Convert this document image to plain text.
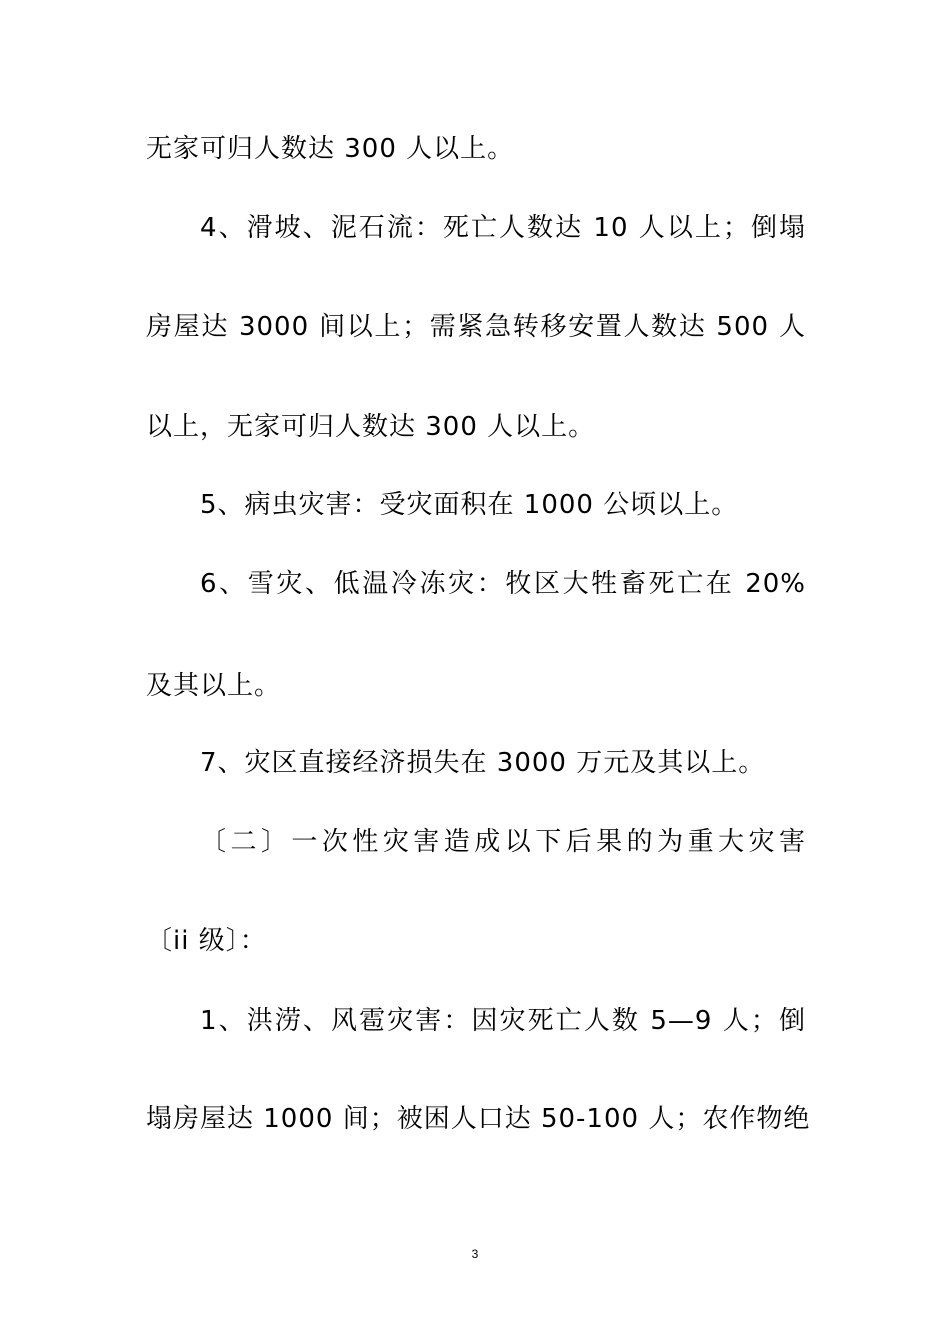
无家可归人数达 300 人以上。
4、滑坡、泥石流：死亡人数达 10 人以上；倒塌
房屋达 3000 间以上；需紧急转移安置人数达 500 人
以上，无家可归人数达 300 人以上。
5、病虫灾害：受灾面积在 1000 公顷以上。
6、雪灾、低温冷冻灾：牧区大牲畜死亡在 20%
及其以上。
7、灾区直接经济损失在 3000 万元及其以上。
〔二〕一次性灾害造成以下后果的为重大灾害
〔ii 级〕：
1、洪涝、风雹灾害：因灾死亡人数 5—9 人；倒
塌房屋达 1000 间；被困人口达 50-100 人；农作物绝
3
